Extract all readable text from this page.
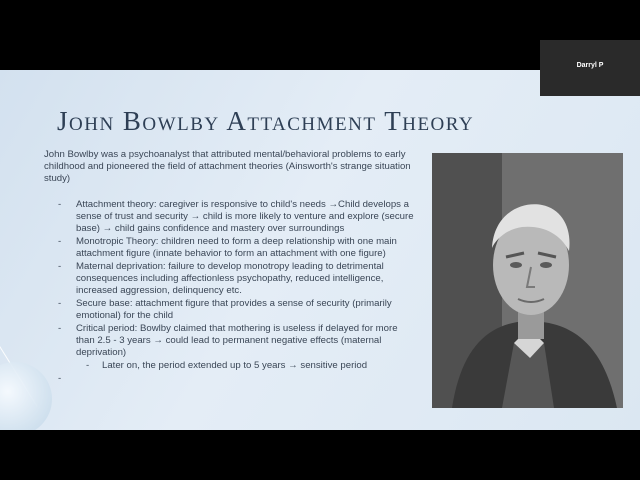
John Bowlby Attachment Theory
John Bowlby was a psychoanalyst that attributed mental/behavioral problems to early childhood and pioneered the field of attachment theories (Ainsworth's strange situation study)
- Attachment theory: caregiver is responsive to child's needs →Child develops a sense of trust and security → child is more likely to venture and explore (secure base) → child gains confidence and mastery over surroundings
- Monotropic Theory: children need to form a deep relationship with one main attachment figure (innate behavior to form an attachment with one figure)
- Maternal deprivation: failure to develop monotropy leading to detrimental consequences including affectionless psychopathy, reduced intelligence, increased aggression, delinquency etc.
- Secure base: attachment figure that provides a sense of security (primarily emotional) for the child
- Critical period: Bowlby claimed that mothering is useless if delayed for more than 2.5 - 3 years → could lead to permanent negative effects (maternal deprivation)
- Later on, the period extended up to 5 years → sensitive period
-
Darryl P
